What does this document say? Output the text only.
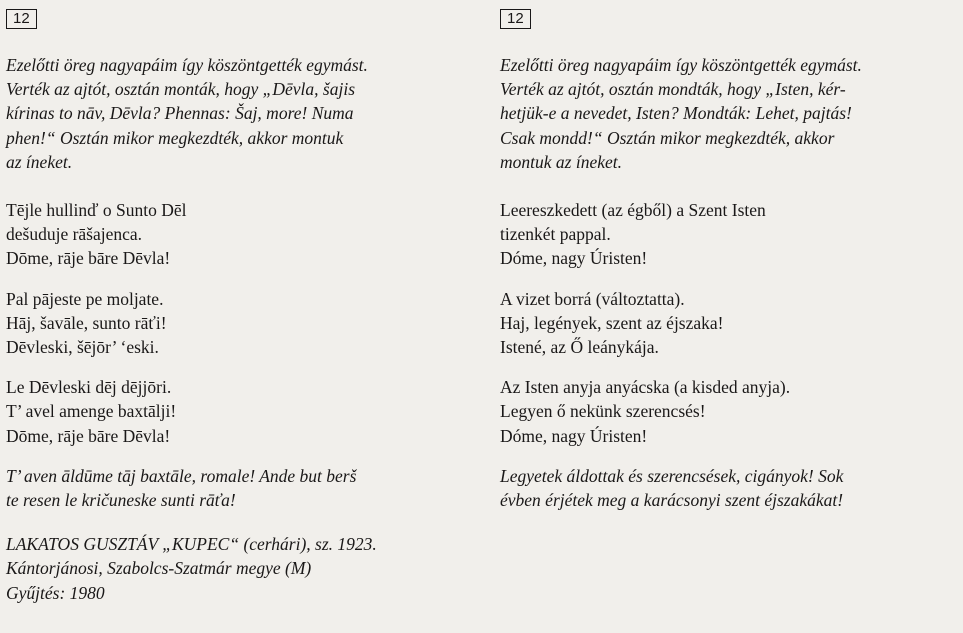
12

Ezelőtti öreg nagyapáim így köszöntgették egymást.

Verték az ajtót, osztán monták, hogy „Dēvla, šajis

kírinas to nāv, Dēvla? Phennas: Šaj, more! Numa

phen!“ Osztán mikor megkezdték, akkor montuk

az íneket.

Tējle hullinď o Sunto Dēl

dešuduje rāšajenca.

Dōme, rāje bāre Dēvla!

Pal pājeste pe moljate.

Hāj, šavāle, sunto rāťi!

Dēvleski, šējōr’ ‘eski.

Le Dēvleski dēj dējjōri.

T’ avel amenge baxtālji!

Dōme, rāje bāre Dēvla!

T’ aven āldūme tāj baxtāle, romale! Ande but berš

te resen le kričuneske sunti rāťa!

LAKATOS GUSZTÁV „KUPEC“ (cerhári), sz. 1923.

Kántorjánosi, Szabolcs-Szatmár megye (M)

Gyűjtés: 1980

12

Ezelőtti öreg nagyapáim így köszöntgették egymást.

Verték az ajtót, osztán mondták, hogy „Isten, kér-

hetjük-e a nevedet, Isten? Mondták: Lehet, pajtás!

Csak mondd!“ Osztán mikor megkezdték, akkor

montuk az íneket.

Leereszkedett (az égből) a Szent Isten

tizenkét pappal.

Dóme, nagy Úristen!

A vizet borrá (változtatta).

Haj, legények, szent az éjszaka!

Istené, az Ő leánykája.

Az Isten anyja anyácska (a kisded anyja).

Legyen ő nekünk szerencsés!

Dóme, nagy Úristen!

Legyetek áldottak és szerencsések, cigányok! Sok

évben érjétek meg a karácsonyi szent éjszakákat!
